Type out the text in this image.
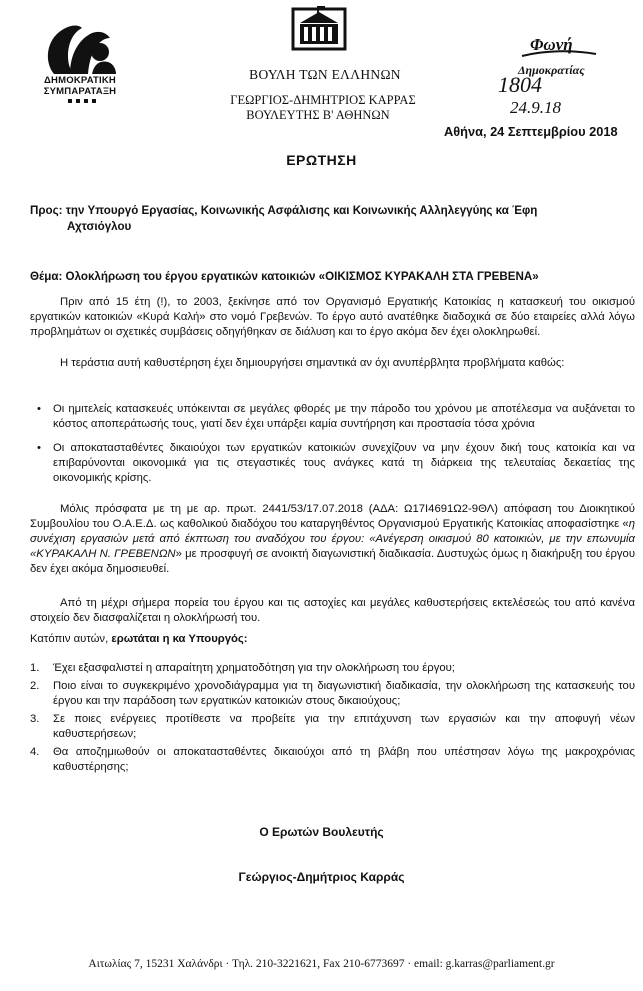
ΔΗΜΟΚΡΑΤΙΚΗ
ΣΥΜΠΑΡΑΤΑΞΗ
ΒΟΥΛΗ ΤΩΝ ΕΛΛΗΝΩΝ
ΓΕΩΡΓΙΟΣ-ΔΗΜΗΤΡΙΟΣ ΚΑΡΡΑΣ
ΒΟΥΛΕΥΤΗΣ Β' ΑΘΗΝΩΝ
Φωνή
Δημοκρατίας
1804
24.9.18
Αθήνα, 24 Σεπτεμβρίου 2018
ΕΡΩΤΗΣΗ
Προς: την Υπουργό Εργασίας, Κοινωνικής Ασφάλισης και Κοινωνικής Αλληλεγγύης κα Έφη
Αχτσιόγλου
Θέμα: Ολοκλήρωση του έργου εργατικών κατοικιών «ΟΙΚΙΣΜΟΣ ΚΥΡΑΚΑΛΗ ΣΤΑ ΓΡΕΒΕΝΑ»
Πριν από 15 έτη (!), το 2003, ξεκίνησε από τον Οργανισμό Εργατικής Κατοικίας η κατασκευή του οικισμού εργατικών κατοικιών «Κυρά Καλή» στο νομό Γρεβενών. Το έργο αυτό ανατέθηκε διαδοχικά σε δύο εταιρείες αλλά λόγω προβλημάτων οι σχετικές συμβάσεις οδηγήθηκαν σε διάλυση και το έργο ακόμα δεν έχει ολοκληρωθεί.
Η τεράστια αυτή καθυστέρηση έχει δημιουργήσει σημαντικά αν όχι ανυπέρβλητα προβλήματα καθώς:
• Οι ημιτελείς κατασκευές υπόκεινται σε μεγάλες φθορές με την πάροδο του χρόνου με αποτέλεσμα να αυξάνεται το κόστος αποπεράτωσής τους, γιατί δεν έχει υπάρξει καμία συντήρηση και προστασία τόσα χρόνια
• Οι αποκατασταθέντες δικαιούχοι των εργατικών κατοικιών συνεχίζουν να μην έχουν δική τους κατοικία και να επιβαρύνονται οικονομικά για τις στεγαστικές τους ανάγκες κατά τη διάρκεια της τελευταίας δεκαετίας της οικονομικής κρίσης.
Μόλις πρόσφατα με τη με αρ. πρωτ. 2441/53/17.07.2018 (ΑΔΑ: Ω17Ι4691Ω2-9ΘΛ) απόφαση του Διοικητικού Συμβουλίου του Ο.Α.Ε.Δ. ως καθολικού διαδόχου του καταργηθέντος Οργανισμού Εργατικής Κατοικίας αποφασίστηκε «η συνέχιση εργασιών μετά από έκπτωση του αναδόχου του έργου: «Ανέγερση οικισμού 80 κατοικιών, με την επωνυμία «ΚΥΡΑΚΑΛΗ Ν. ΓΡΕΒΕΝΩΝ» με προσφυγή σε ανοικτή διαγωνιστική διαδικασία. Δυστυχώς όμως η διακήρυξη του έργου δεν έχει ακόμα δημοσιευθεί.
Από τη μέχρι σήμερα πορεία του έργου και τις αστοχίες και μεγάλες καθυστερήσεις εκτελέσεώς του από κανένα στοιχείο δεν διασφαλίζεται η ολοκλήρωσή του.
Κατόπιν αυτών, ερωτάται η κα Υπουργός:
1. Έχει εξασφαλιστεί η απαραίτητη χρηματοδότηση για την ολοκλήρωση του έργου;
2. Ποιο είναι το συγκεκριμένο χρονοδιάγραμμα για τη διαγωνιστική διαδικασία, την ολοκλήρωση της κατασκευής του έργου και την παράδοση των εργατικών κατοικιών στους δικαιούχους;
3. Σε ποιες ενέργειες προτίθεστε να προβείτε για την επιτάχυνση των εργασιών και την αποφυγή νέων καθυστερήσεων;
4. Θα αποζημιωθούν οι αποκατασταθέντες δικαιούχοι από τη βλάβη που υπέστησαν λόγω της μακροχρόνιας καθυστέρησης;
Ο Ερωτών Βουλευτής
Γεώργιος-Δημήτριος Καρράς
Αιτωλίας 7, 15231 Χαλάνδρι · Τηλ. 210-3221621, Fax 210-6773697 · email: g.karras@parliament.gr
